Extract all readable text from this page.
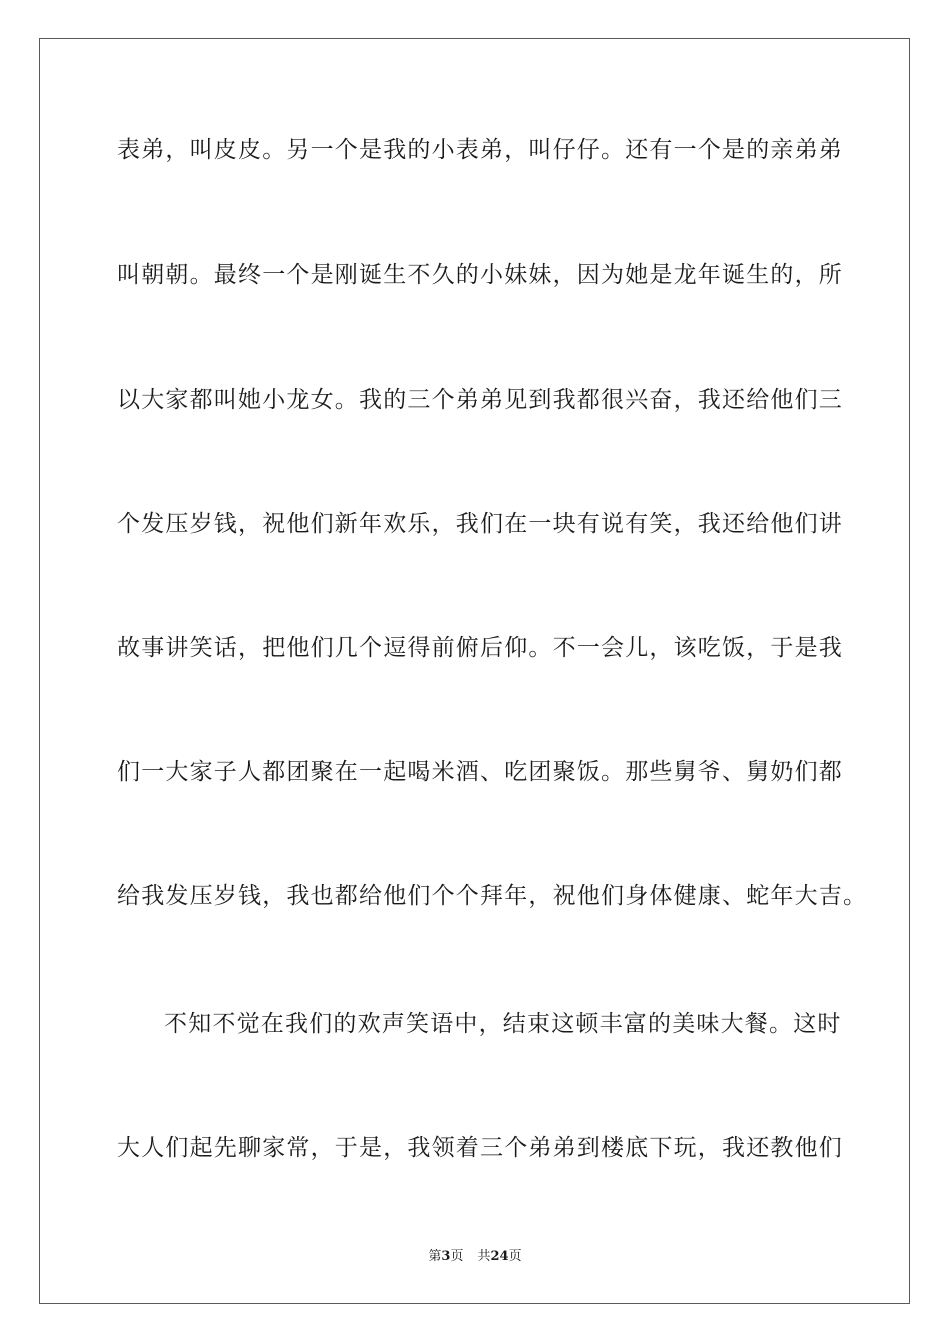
表弟，叫皮皮。另一个是我的小表弟，叫仔仔。还有一个是的亲弟弟
叫朝朝。最终一个是刚诞生不久的小妹妹，因为她是龙年诞生的，所
以大家都叫她小龙女。我的三个弟弟见到我都很兴奋，我还给他们三
个发压岁钱，祝他们新年欢乐，我们在一块有说有笑，我还给他们讲
故事讲笑话，把他们几个逗得前俯后仰。不一会儿，该吃饭，于是我
们一大家子人都团聚在一起喝米酒、吃团聚饭。那些舅爷、舅奶们都
给我发压岁钱，我也都给他们个个拜年，祝他们身体健康、蛇年大吉。
不知不觉在我们的欢声笑语中，结束这顿丰富的美味大餐。这时
大人们起先聊家常，于是，我领着三个弟弟到楼底下玩，我还教他们
第3页 共24页
